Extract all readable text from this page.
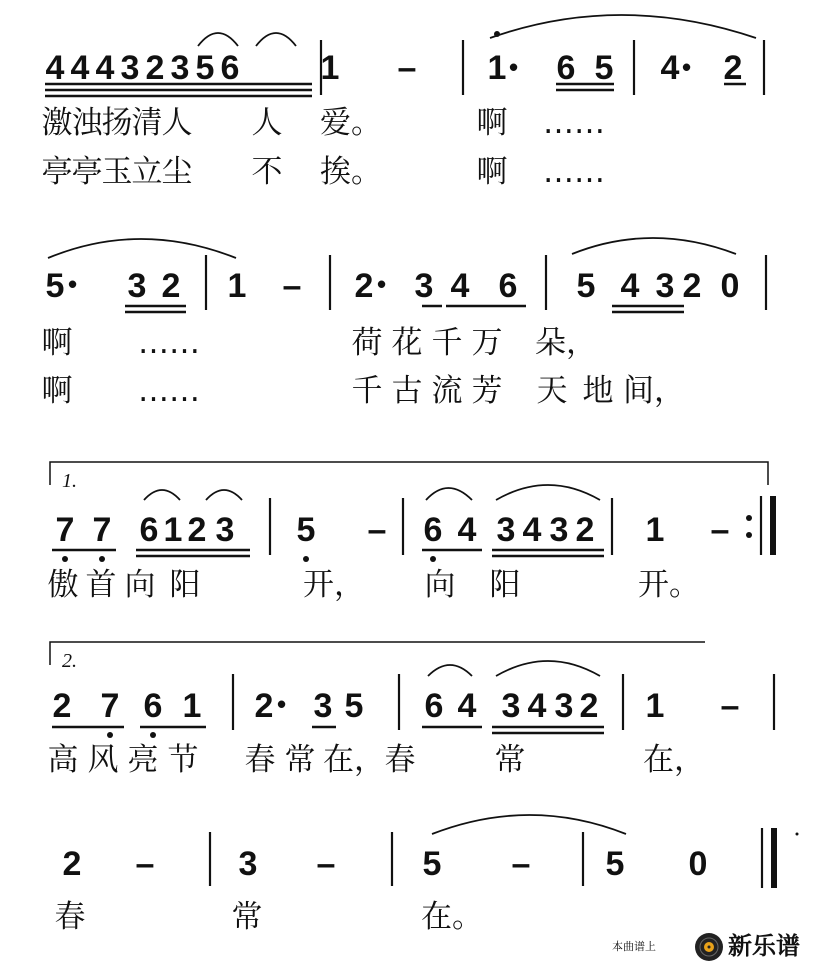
4 4 4 3 2 3 5 6 1 – 1 6 5 4 2
•	•
激 浊 扬 清 人 人 爱。	啊 ……
亭 亭 玉 立 尘 不 挨。	啊 ……
5 3 2 1 – 2 3 4 6 5 4 3 2 0
•	•
啊 ……	荷 花 千 万 朵，
啊 ……	千 古 流 芳 天 地 间，
7 7 6 1 2 3 5 – 6 4 3 4 3 2 1 –
1.
傲 首 向 阳	开， 向 阳	开。
2 7 6 1 2 3 5 6 4 3 4 3 2 1 –
•
2.
高 风 亮 节 春 常 在， 春	常	在，
2 – 3 –	5 – 5 0
春	常	在。
本曲谱上	新乐谱
